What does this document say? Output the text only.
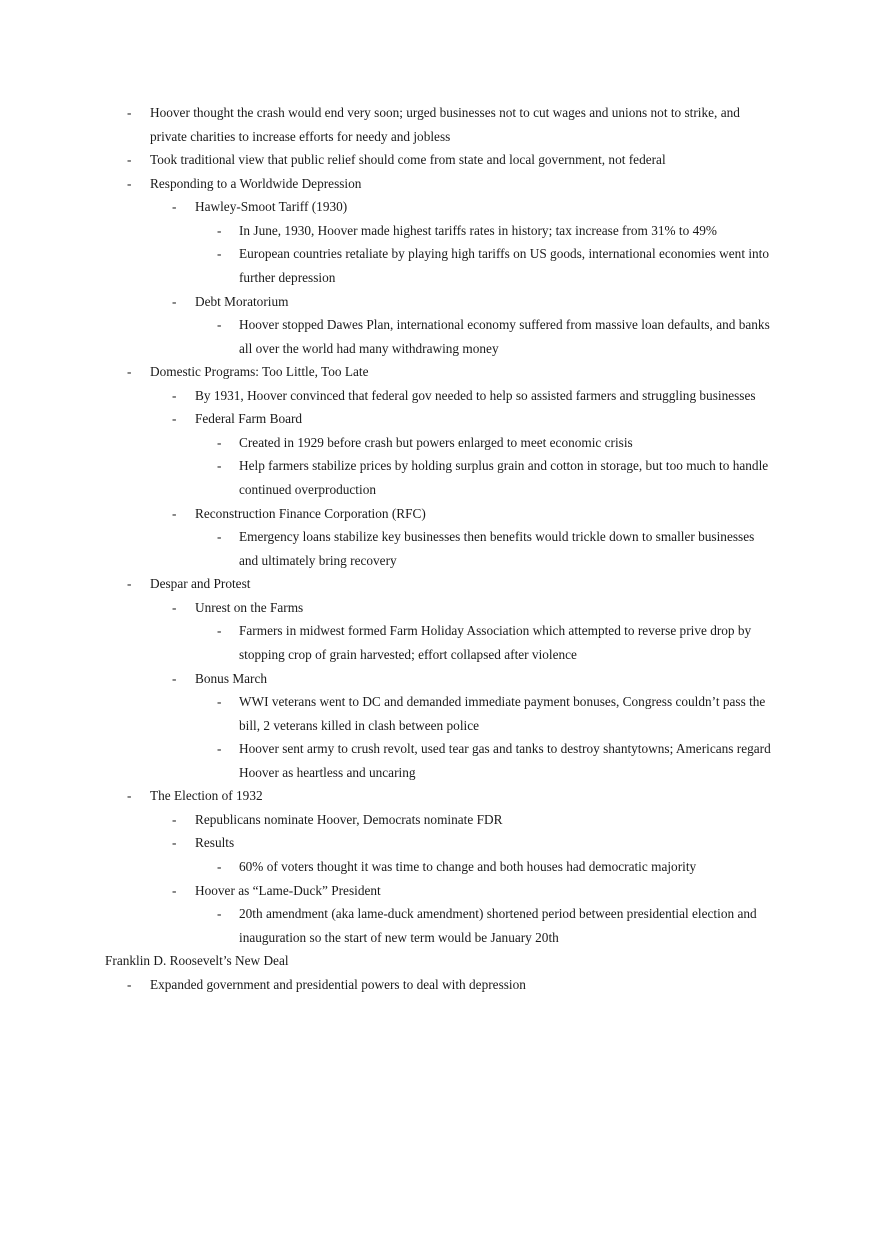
- Hoover thought the crash would end very soon; urged businesses not to cut wages and unions not to strike, and private charities to increase efforts for needy and jobless
- Took traditional view that public relief should come from state and local government, not federal
- Responding to a Worldwide Depression
- Hawley-Smoot Tariff (1930)
- In June, 1930, Hoover made highest tariffs rates in history; tax increase from 31% to 49%
- European countries retaliate by playing high tariffs on US goods, international economies went into further depression
- Debt Moratorium
- Hoover stopped Dawes Plan, international economy suffered from massive loan defaults, and banks all over the world had many withdrawing money
- Domestic Programs: Too Little, Too Late
- By 1931, Hoover convinced that federal gov needed to help so assisted farmers and struggling businesses
- Federal Farm Board
- Created in 1929 before crash but powers enlarged to meet economic crisis
- Help farmers stabilize prices by holding surplus grain and cotton in storage, but too much to handle continued overproduction
- Reconstruction Finance Corporation (RFC)
- Emergency loans stabilize key businesses then benefits would trickle down to smaller businesses and ultimately bring recovery
- Despar and Protest
- Unrest on the Farms
- Farmers in midwest formed Farm Holiday Association which attempted to reverse prive drop by stopping crop of grain harvested; effort collapsed after violence
- Bonus March
- WWI veterans went to DC and demanded immediate payment bonuses, Congress couldn’t pass the bill, 2 veterans killed in clash between police
- Hoover sent army to crush revolt, used tear gas and tanks to destroy shantytowns; Americans regard Hoover as heartless and uncaring
- The Election of 1932
- Republicans nominate Hoover, Democrats nominate FDR
- Results
- 60% of voters thought it was time to change and both houses had democratic majority
- Hoover as “Lame-Duck” President
- 20th amendment (aka lame-duck amendment) shortened period between presidential election and inauguration so the start of new term would be January 20th
Franklin D. Roosevelt’s New Deal
- Expanded government and presidential powers to deal with depression
